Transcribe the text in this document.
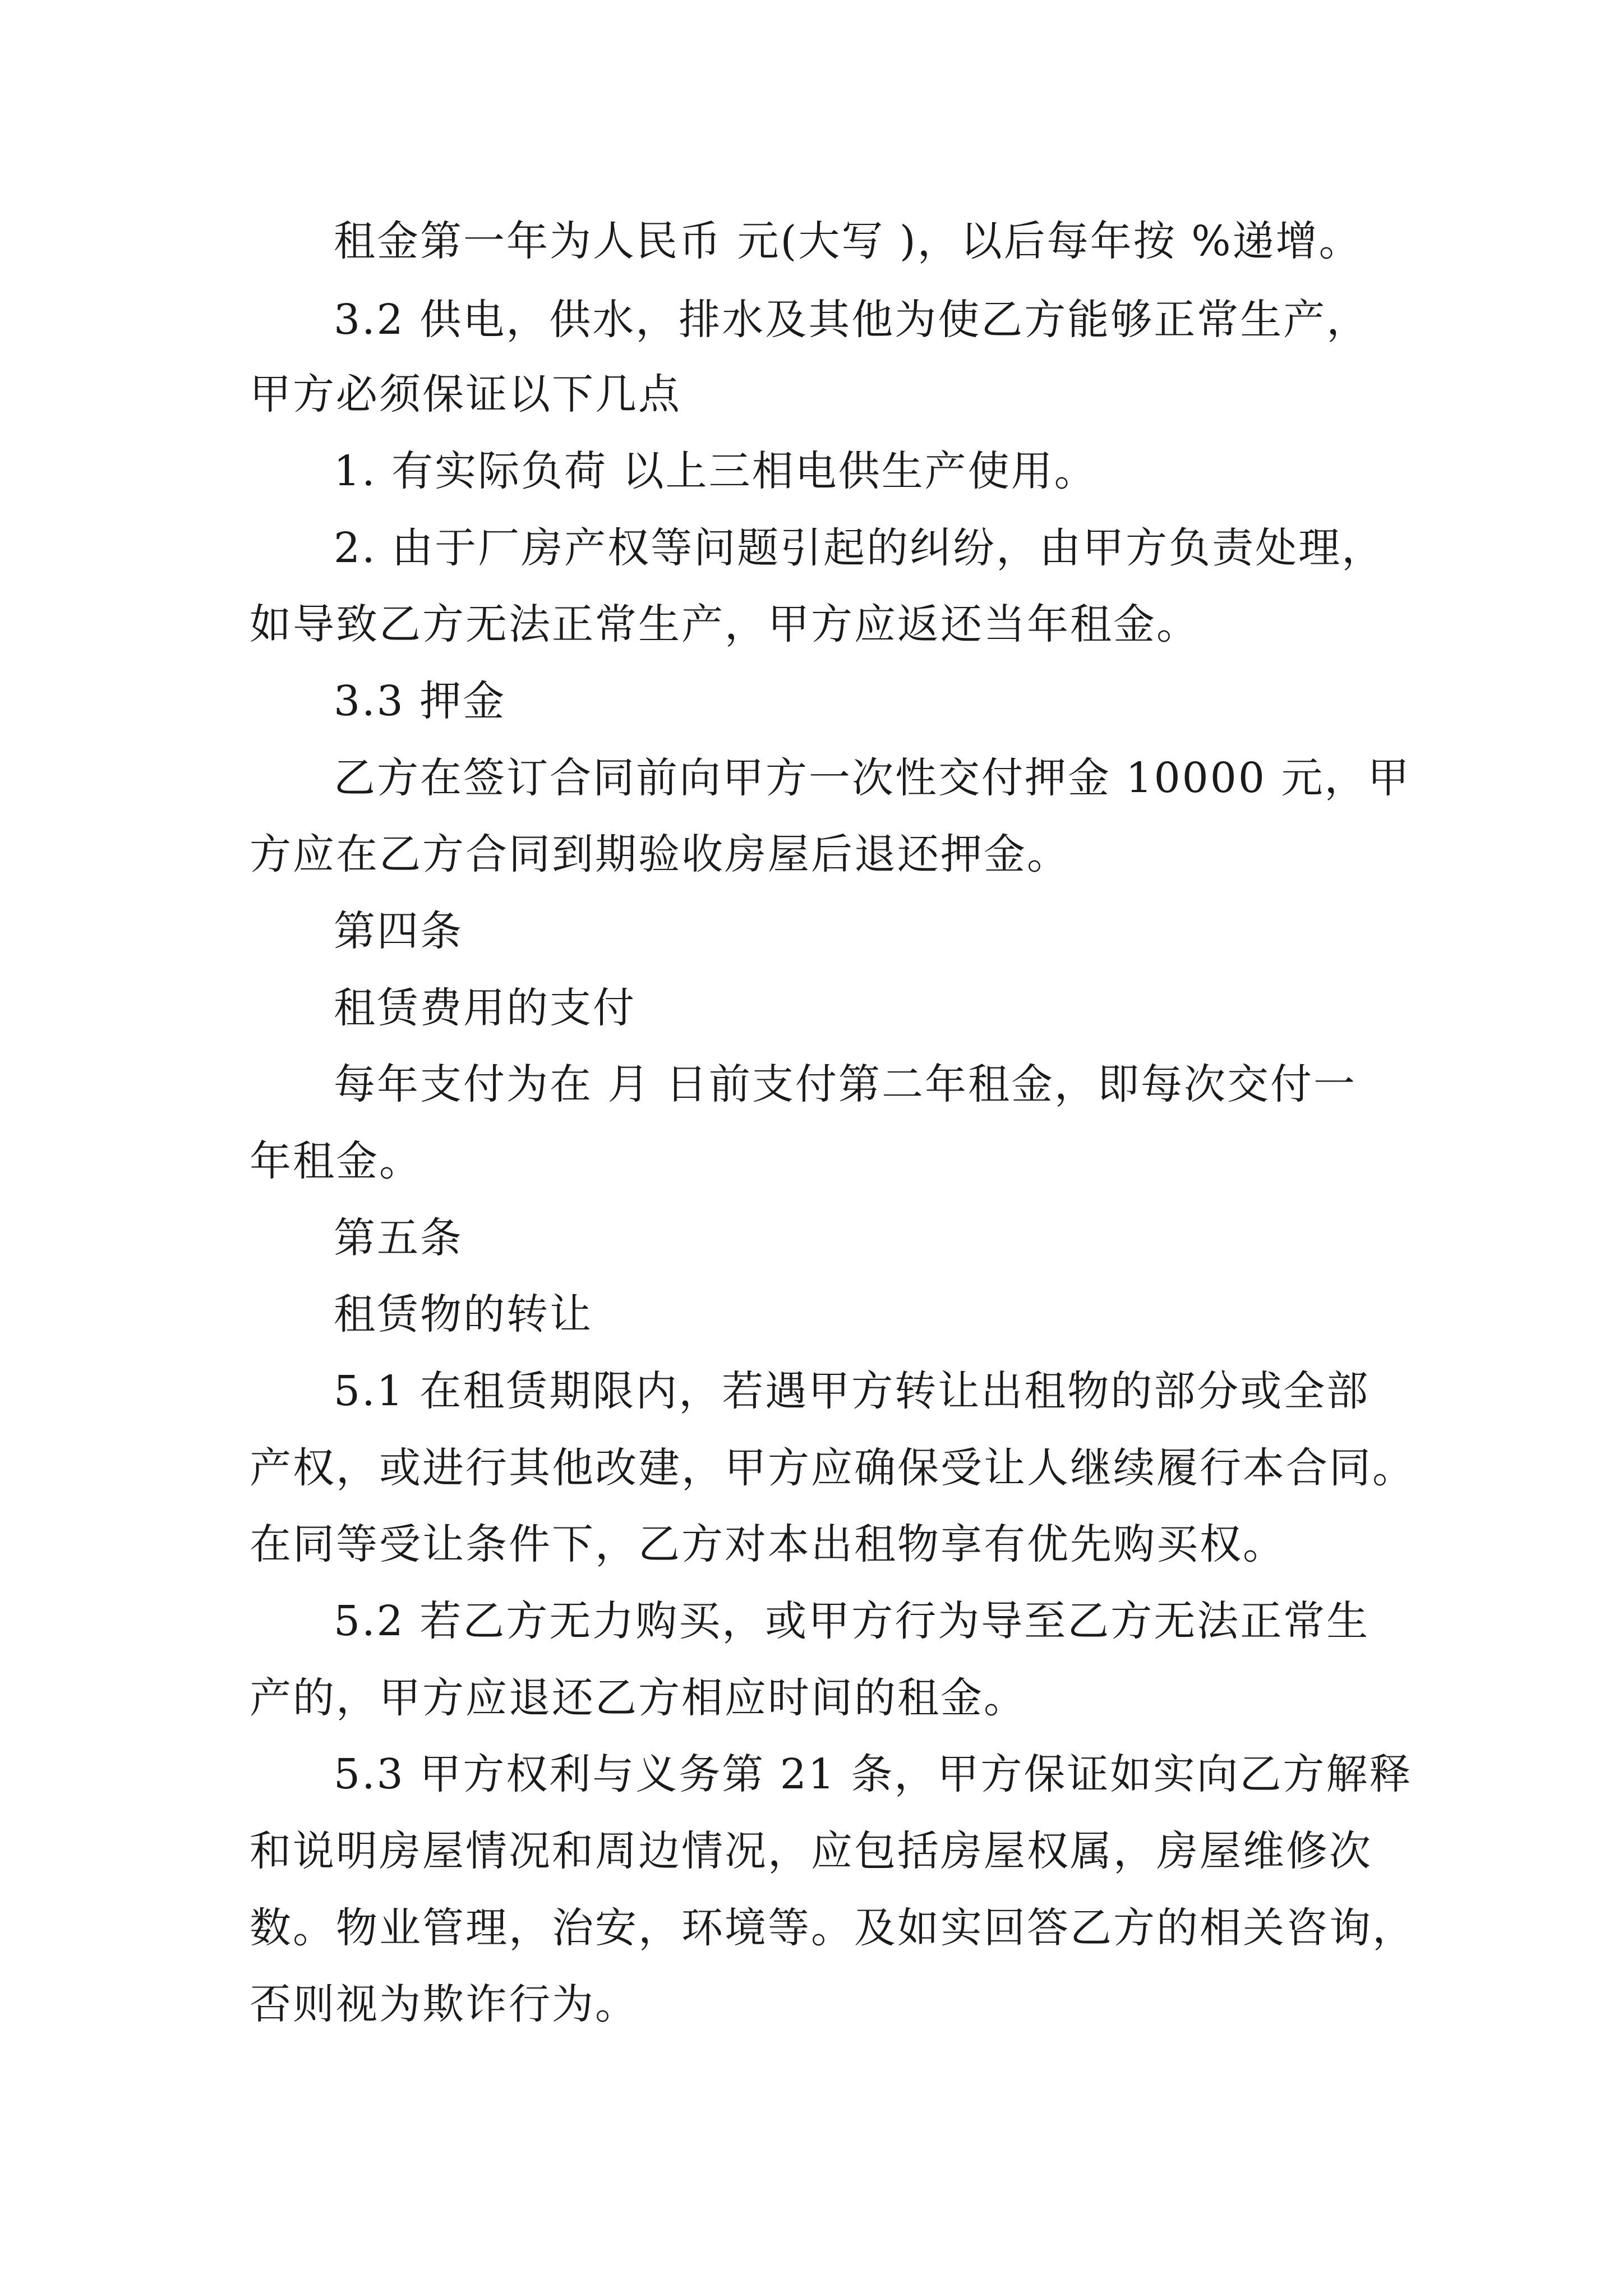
租金第一年为人民币 元(大写 )，以后每年按 %递增。
3.2 供电，供水，排水及其他为使乙方能够正常生产，
甲方必须保证以下几点
1. 有实际负荷 以上三相电供生产使用。
2. 由于厂房产权等问题引起的纠纷，由甲方负责处理，
如导致乙方无法正常生产，甲方应返还当年租金。
3.3 押金
乙方在签订合同前向甲方一次性交付押金 10000 元，甲
方应在乙方合同到期验收房屋后退还押金。
第四条
租赁费用的支付
每年支付为在 月 日前支付第二年租金，即每次交付一
年租金。
第五条
租赁物的转让
5.1 在租赁期限内，若遇甲方转让出租物的部分或全部
产权，或进行其他改建，甲方应确保受让人继续履行本合同。
在同等受让条件下，乙方对本出租物享有优先购买权。
5.2 若乙方无力购买，或甲方行为导至乙方无法正常生
产的，甲方应退还乙方相应时间的租金。
5.3 甲方权利与义务第 21 条，甲方保证如实向乙方解释
和说明房屋情况和周边情况，应包括房屋权属，房屋维修次
数。物业管理，治安，环境等。及如实回答乙方的相关咨询，
否则视为欺诈行为。
